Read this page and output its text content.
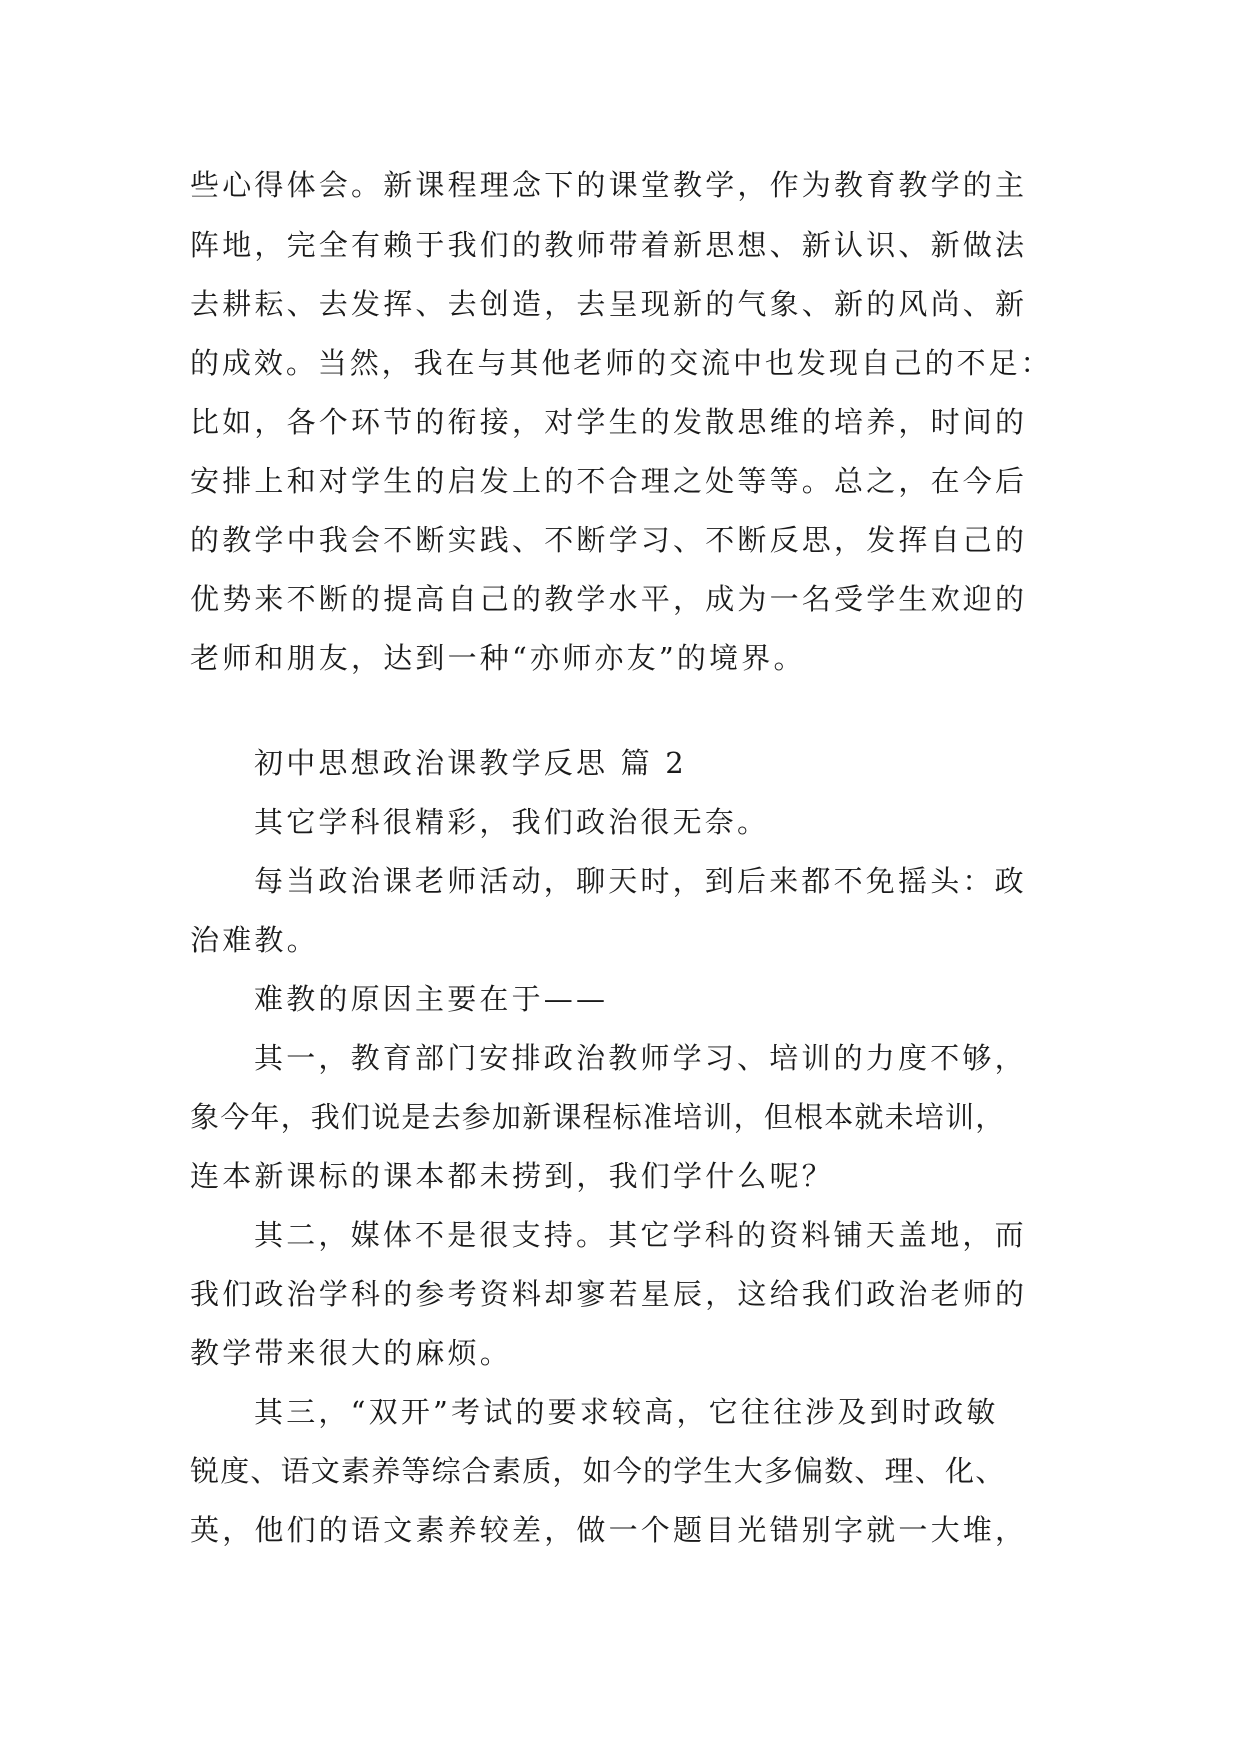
些心得体会。新课程理念下的课堂教学，作为教育教学的主
阵地，完全有赖于我们的教师带着新思想、新认识、新做法
去耕耘、去发挥、去创造，去呈现新的气象、新的风尚、新
的成效。当然，我在与其他老师的交流中也发现自己的不足：
比如，各个环节的衔接，对学生的发散思维的培养，时间的
安排上和对学生的启发上的不合理之处等等。总之，在今后
的教学中我会不断实践、不断学习、不断反思，发挥自己的
优势来不断的提高自己的教学水平，成为一名受学生欢迎的
老师和朋友，达到一种“亦师亦友”的境界。
初中思想政治课教学反思 篇 2
其它学科很精彩，我们政治很无奈。
每当政治课老师活动，聊天时，到后来都不免摇头：政
治难教。
难教的原因主要在于——
其一，教育部门安排政治教师学习、培训的力度不够，
象今年，我们说是去参加新课程标准培训，但根本就未培训，
连本新课标的课本都未捞到，我们学什么呢？
其二，媒体不是很支持。其它学科的资料铺天盖地，而
我们政治学科的参考资料却寥若星辰，这给我们政治老师的
教学带来很大的麻烦。
其三，“双开”考试的要求较高，它往往涉及到时政敏
锐度、语文素养等综合素质，如今的学生大多偏数、理、化、
英，他们的语文素养较差，做一个题目光错别字就一大堆，
